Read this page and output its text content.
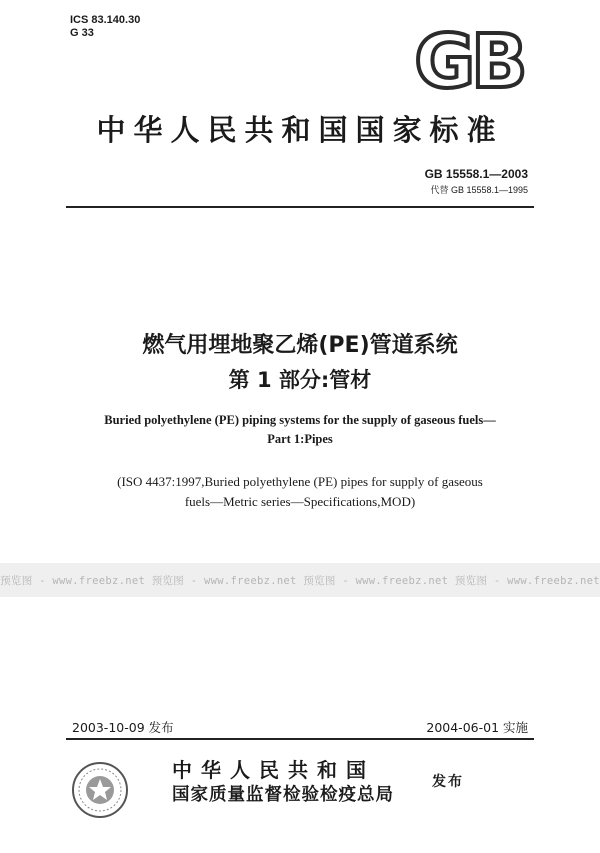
ICS 83.140.30
G 33	GB
中华人民共和国国家标准
GB 15558.1—2003
代替 GB 15558.1—1995
燃气用埋地聚乙烯(PE)管道系统
第 1 部分:管材
Buried polyethylene (PE) piping systems for the supply of gaseous fuels—
Part 1:Pipes
(ISO 4437:1997,Buried polyethylene (PE) pipes for supply of gaseous
fuels—Metric series—Specifications,MOD)
预览图 - www.freebz.net 预览图 - www.freebz.net 预览图 - www.freebz.net 预览图 - www.freebz.net
2003-10-09 发布	2004-06-01 实施
中华人民共和国
国家质量监督检验检疫总局
发布
